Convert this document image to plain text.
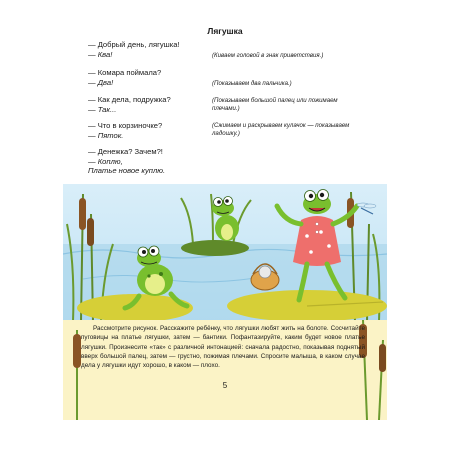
Лягушка
— Добрый день, лягушка!
— Ква!
— Комара поймала?
— Два!
— Как дела, подружка?
— Так...
— Что в корзиночке?
— Пяток.
— Денежка? Зачем?!
— Коплю,
Платье новое куплю.
(Киваем головой в знак приветствия.)
(Показываем два пальчика.)
(Показываем большой палец или пожимаем плечами.)
(Сжимаем и раскрываем кулачок — показываем ладошку.)

Рассмотрите рисунок. Расскажите ребёнку, что лягушки любят жить на болоте. Сосчитайте пуговицы на платье лягушки, затем — бантики. Пофантазируйте, каким будет новое платье лягушки. Произнесите «так» с различной интонацией: сначала радостно, показывая поднятый вверх большой палец, затем — грустно, пожимая плечами. Спросите малыша, в каком случае дела у лягушки идут хорошо, в каком — плохо.

5
